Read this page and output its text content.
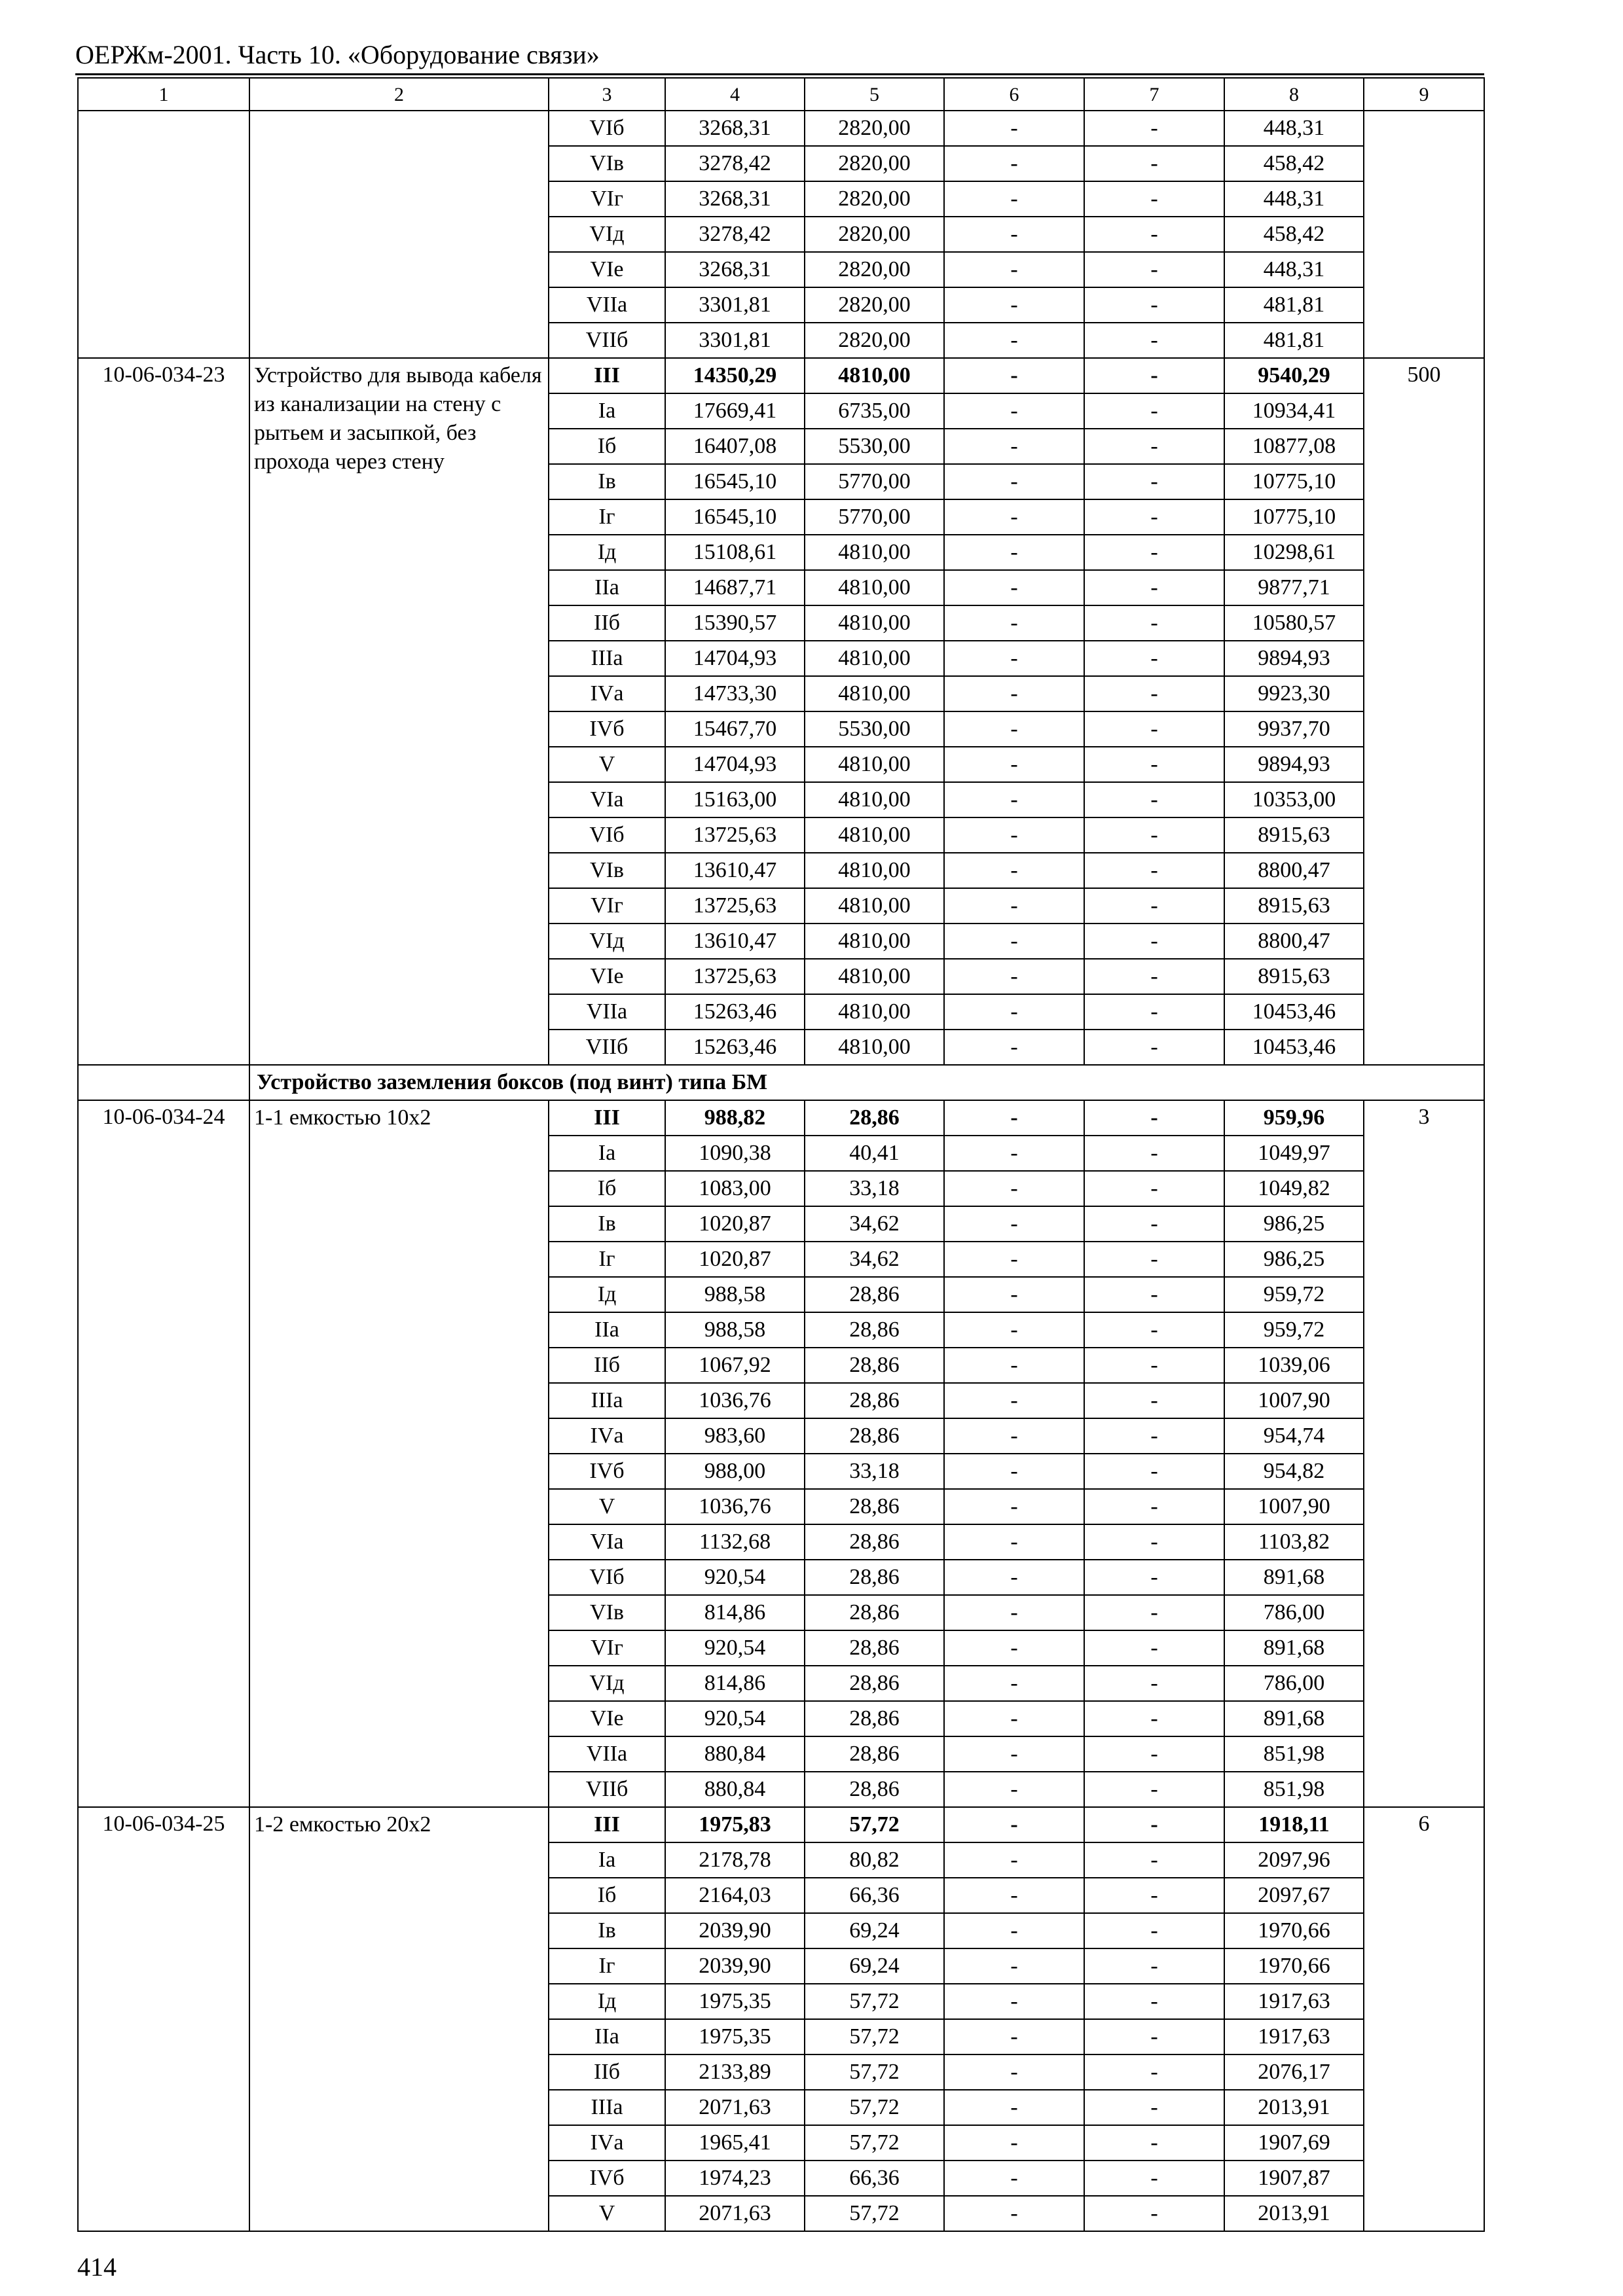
ОЕРЖм-2001. Часть 10. «Оборудование связи»
1	2	3	4	5	6	7	8	9
		VIб	3268,31	2820,00	-	-	448,31	
		VIв	3278,42	2820,00	-	-	458,42	
		VIг	3268,31	2820,00	-	-	448,31	
		VIд	3278,42	2820,00	-	-	458,42	
		VIе	3268,31	2820,00	-	-	448,31	
		VIIа	3301,81	2820,00	-	-	481,81	
		VIIб	3301,81	2820,00	-	-	481,81	
10-06-034-23	Устройство для вывода кабеля из канализации на стену с рытьем и засыпкой, без прохода через стену	III	14350,29	4810,00	-	-	9540,29	500
		Iа	17669,41	6735,00	-	-	10934,41	
		Iб	16407,08	5530,00	-	-	10877,08	
		Iв	16545,10	5770,00	-	-	10775,10	
		Iг	16545,10	5770,00	-	-	10775,10	
		Iд	15108,61	4810,00	-	-	10298,61	
		IIа	14687,71	4810,00	-	-	9877,71	
		IIб	15390,57	4810,00	-	-	10580,57	
		IIIа	14704,93	4810,00	-	-	9894,93	
		IVа	14733,30	4810,00	-	-	9923,30	
		IVб	15467,70	5530,00	-	-	9937,70	
		V	14704,93	4810,00	-	-	9894,93	
		VIа	15163,00	4810,00	-	-	10353,00	
		VIб	13725,63	4810,00	-	-	8915,63	
		VIв	13610,47	4810,00	-	-	8800,47	
		VIг	13725,63	4810,00	-	-	8915,63	
		VIд	13610,47	4810,00	-	-	8800,47	
		VIе	13725,63	4810,00	-	-	8915,63	
		VIIа	15263,46	4810,00	-	-	10453,46	
		VIIб	15263,46	4810,00	-	-	10453,46	
	Устройство заземления боксов (под винт) типа БМ							
10-06-034-24	1-1 емкостью 10х2	III	988,82	28,86	-	-	959,96	3
		Iа	1090,38	40,41	-	-	1049,97	
		Iб	1083,00	33,18	-	-	1049,82	
		Iв	1020,87	34,62	-	-	986,25	
		Iг	1020,87	34,62	-	-	986,25	
		Iд	988,58	28,86	-	-	959,72	
		IIа	988,58	28,86	-	-	959,72	
		IIб	1067,92	28,86	-	-	1039,06	
		IIIа	1036,76	28,86	-	-	1007,90	
		IVа	983,60	28,86	-	-	954,74	
		IVб	988,00	33,18	-	-	954,82	
		V	1036,76	28,86	-	-	1007,90	
		VIа	1132,68	28,86	-	-	1103,82	
		VIб	920,54	28,86	-	-	891,68	
		VIв	814,86	28,86	-	-	786,00	
		VIг	920,54	28,86	-	-	891,68	
		VIд	814,86	28,86	-	-	786,00	
		VIе	920,54	28,86	-	-	891,68	
		VIIа	880,84	28,86	-	-	851,98	
		VIIб	880,84	28,86	-	-	851,98	
10-06-034-25	1-2 емкостью 20х2	III	1975,83	57,72	-	-	1918,11	6
		Iа	2178,78	80,82	-	-	2097,96	
		Iб	2164,03	66,36	-	-	2097,67	
		Iв	2039,90	69,24	-	-	1970,66	
		Iг	2039,90	69,24	-	-	1970,66	
		Iд	1975,35	57,72	-	-	1917,63	
		IIа	1975,35	57,72	-	-	1917,63	
		IIб	2133,89	57,72	-	-	2076,17	
		IIIа	2071,63	57,72	-	-	2013,91	
		IVа	1965,41	57,72	-	-	1907,69	
		IVб	1974,23	66,36	-	-	1907,87	
		V	2071,63	57,72	-	-	2013,91	
414
